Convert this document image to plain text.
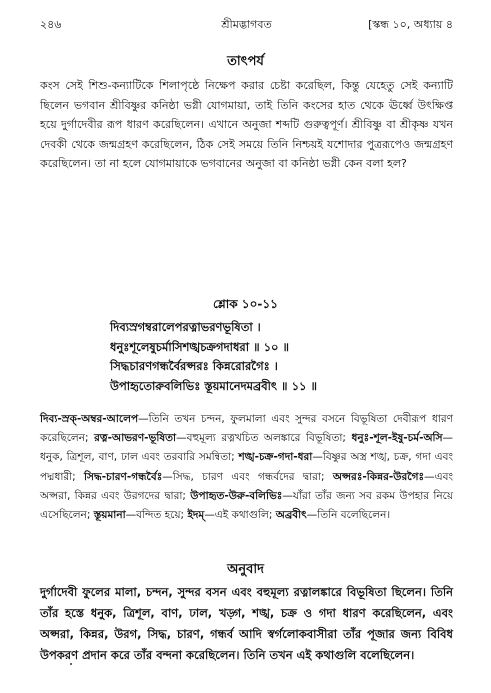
২৪৬	শ্রীমদ্ভাগবত	[স্কন্ধ ১০, অধ্যায় ৪
তাৎপর্য

কংস সেই শিশু-কন্যাটিকে শিলাপৃষ্ঠে নিক্ষেপ করার চেষ্টা করেছিল, কিন্তু যেহেতু সেই কন্যাটি ছিলেন ভগবান শ্রীবিষ্ণুর কনিষ্ঠা ভগ্নী যোগমায়া, তাই তিনি কংসের হাত থেকে ঊর্ধ্বে উৎক্ষিপ্ত হয়ে দুর্গাদেবীর রূপ ধারণ করেছিলেন। এখানে অনুজা শব্দটি গুরুত্বপূর্ণ। শ্রীবিষ্ণু বা শ্রীকৃষ্ণ যখন দেবকী থেকে জন্মগ্রহণ করেছিলেন, ঠিক সেই সময়ে তিনি নিশ্চয়ই যশোদার পুত্ররূপেও জন্মগ্রহণ করেছিলেন। তা না হলে যোগমায়াকে ভগবানের অনুজা বা কনিষ্ঠা ভগ্নী কেন বলা হল?

শ্লোক ১০-১১
দিব্যস্রগম্বরালেপরত্নাভরণভূষিতা ।
ধনুঃশূলেষুচর্মাসিশঙ্খচক্রগদাধরা ॥ ১০ ॥
সিদ্ধচারণগন্ধর্বৈরপ্সরঃ কিন্নরোরগৈঃ ।
উপাহৃতোরুবলিভিঃ স্তূয়মানেদমব্রবীৎ ॥ ১১ ॥

দিব্য-স্রক্-অম্বর-আলেপ—তিনি তখন চন্দন, ফুলমালা এবং সুন্দর বসনে বিভূষিতা দেবীরূপ ধারণ করেছিলেন; রত্ন-আভরণ-ভূষিতা—বহুমূল্য রত্নখচিত অলঙ্কারে বিভূষিতা; ধনুঃ-শূল-ইষু-চর্ম-অসি—ধনুক, ত্রিশূল, বাণ, ঢাল এবং তরবারি সমন্বিতা; শঙ্খ-চক্র-গদা-ধরা—বিষ্ণুর অস্ত্র শঙ্খ, চক্র, গদা এবং পদ্মধারী; সিদ্ধ-চারণ-গন্ধর্বৈঃ—সিদ্ধ, চারণ এবং গন্ধর্বদের দ্বারা; অপ্সরঃ-কিন্নর-উরগৈঃ—এবং অপ্সরা, কিন্নর এবং উরগদের দ্বারা; উপাহৃত-উরু-বলিভিঃ—যাঁরা তাঁর জন্য সব রকম উপহার নিয়ে এসেছিলেন; স্তূয়মানা—বন্দিত হয়ে; ইদম্—এই কথাগুলি; অব্রবীৎ—তিনি বলেছিলেন।

অনুবাদ

দুর্গাদেবী ফুলের মালা, চন্দন, সুন্দর বসন এবং বহুমূল্য রত্নালঙ্কারে বিভূষিতা ছিলেন। তিনি তাঁর হস্তে ধনুক, ত্রিশূল, বাণ, ঢাল, খড়্গ, শঙ্খ, চক্র ও গদা ধারণ করেছিলেন, এবং অপ্সরা, কিন্নর, উরগ, সিদ্ধ, চারণ, গন্ধর্ব আদি স্বর্গলোকবাসীরা তাঁর পূজার জন্য বিবিধ উপকরণ প্রদান করে তাঁর বন্দনা করেছিলেন। তিনি তখন এই কথাগুলি বলেছিলেন।
